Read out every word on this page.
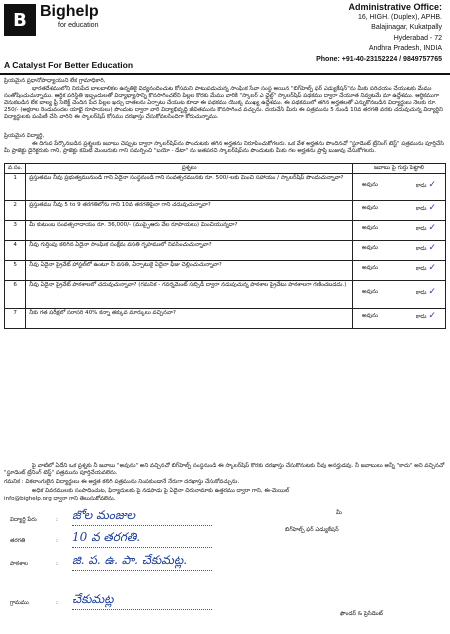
B Bighelp
for education
A Catalyst For Better Education
Administrative Office:
16, HIGH. (Duplex), APHB.
Balajinagar, Kukatpally
Hyderabad - 72
Andhra Pradesh, INDIA
Phone: +91-40-23152224 / 9849757765
ప్రియమైన ప్రధానోపాధ్యాయుని లేక గ్రామాధికారి,
భారతదేశములోని నిరుపేద బాలబాలికల ఉన్నతికై విద్యనందించుట కోసమని పాటుపడుచున్న సాంఘిక సేవా సంస్థ అయిన "బిగ్‌హెల్ప్ ఫర్ ఎడ్యుకేషన్"ను మీకు పరిచయం చేయుటకు మేము సంతోషించుచున్నాము. ఆర్థిక పరిస్థితి ఇబ్బందులతో విద్యాభ్యాసాన్ని కొనసాగించలేని పిల్లల కొరకు మేము వారికి "స్కాలర్ ఎ ఛైల్డ్" స్కాలర్‌షిప్ పథకము ద్వారా చేయూత నివ్వటమే మా ఉద్దేశము. ఆర్థికముగా వెనుకబడిన లేక బాల్య ఫ్రీ సెలెక్ట్ చెందిన పేద పిల్లల ఖర్చు దాతలను ఏర్పాటు చేయుట కూడా ఈ పథకము యొక్క ముఖ్య ఉద్దేశము. ఈ పథకములో తగిన అర్హతలతో ఎన్నుకొనబడిన విద్యార్థులు నెలకు రూ. 250/- (అక్షరాల రెండువందల యాభై రూపాయలు) పొందుట ద్వారా వారి విద్యాభివృద్ధి జీవితమును కొనసాగించ వచ్చును. దయచేసి మీరు ఈ పత్రమును 5 నుండి 10వ తరగతి వరకు చదువుచున్న విద్యార్థిని విద్యార్థులకు పంపిణీ చేసి వారిని ఈ స్కాలర్‌షిప్ కోసము దరఖాస్తు చేసుకోవలసిందిగా కోరుచున్నాము.
ప్రియమైన విద్యార్థి,
ఈ దిగువ పేర్కొనబడిన ప్రశ్నలకు జవాబు చెప్పుట ద్వారా స్కాలర్‌షిప్‌ను పొందుటకు తగిన అర్హతను నిరూపించుకోగలరు. ఒక వేళ అర్హతను పొందినచో "స్టూడెంట్ ట్రేనింగ్ టెస్ట్" పత్రమును పూర్తిచేసి మీ ప్రాజెక్టు డైరెక్టరుకు గాని, ప్రాజెక్టు కమిటీ మెంబరుకు గాని సమర్పించి "బయో - డేటా" ను జతపరచి స్కాలర్‌షిప్‌ను పొందుటకు మీకు గల అర్హతను ప్రాప్తి బుజువు చేసుకోగలరు.
వ.సం.	ప్రశ్నలు	జవాబు పై గుర్తు పెట్టాలి
1	ప్రస్తుతము నీవు ప్రభుత్వమునుండి గాని ఏదైనా సంస్థనుండి గాని సంవత్సరమునకు రూ. 500/-లకు మించి సహాయం / స్కాలర్‌షిప్ పొందుచున్నావా?	అవును కాదు ✓

2	ప్రస్తుతము నీవు 5 to 9 తరగతిలోను గాని 10వ తరగతిపైనా గాని చదువుచున్నావా?	అవును కాదు ✓

3	మీ కుటుంబ సంవత్సరాదాయం రూ. 36,000/- (ముప్పైఆరు వేల రూపాయలు) మించియున్నదా?	అవును కాదు ✓

4	నీవు గుర్తింపు కలిగిన ఏదైనా సాంఘిక సంక్షేమ వసతి గృహములో నివసించుచున్నావా?	అవును కాదు ✓

5	నీవు ఏదైనా ప్రైవేట్ హాస్టల్‌లో ఉంటూ నీ వసతి, ఏర్పాటుకై ఏదైనా ఫీజు చెల్లించుచున్నావా?	అవును కాదు ✓

6	నీవు ఏదైనా ప్రైవేట్ పాఠశాలలో చదువుచున్నావా? (గమనిక - గవర్నమెంట్ సబ్సిడీ ద్వారా నడుపుచున్న పాఠశాల ప్రైవేటు పాఠశాలగా గణించబడదు.)	అవును కాదు ✓

7	నీకు గత పరీక్షలో సరాసరి 40% కన్నా తక్కువ మార్కులు వచ్చినవా?	అవును కాదు ✓
పై వాటిలో ఏదేని ఒక ప్రశ్నకు నీ జవాబు "అవును" అని వచ్చినచో బిగ్‌హెల్ప్ సంస్థనుండి ఈ స్కాలర్‌షిప్ కొరకు దరఖాస్తు చేసుకొనుటకు నీవు అనర్హుడవు. నీ జవాబులు అన్నీ "కాదు" అని వచ్చినచో "స్టూడెంట్ ట్రేనింగ్ టెస్ట్" పత్రమును పూర్తిచేయవలెను.
గమనిక : వికలాంగులైన విద్యార్థులు ఈ అర్హత కలిగి పత్రమును నింపకుండానే నేరుగా దరఖాస్తు చేసుకోవచ్చును.
అధిక వివరములకు సంపాదించుట, ఫిర్యాదులకు పై నడపాడు పై ఏదైనా చిరునామాకు ఉత్తరము ద్వారా గాని, ఈ-మెయిల్
info@bighelp.org ద్వారా గాని తెలుసుకోవలెను.
విద్యార్థి పేరు	: జోల మంజుల
తరగతి	: 10 వ తరగతి.
పాఠశాల	: జి. ప. ఉ. పా. చేకుమట్ల.
గ్రామము	: చేకుమట్ల
మీ
బిగ్‌హెల్ప్ ఫర్ ఎడ్యుకేషన్
ఫౌండర్ & ప్రెసిడెంట్
